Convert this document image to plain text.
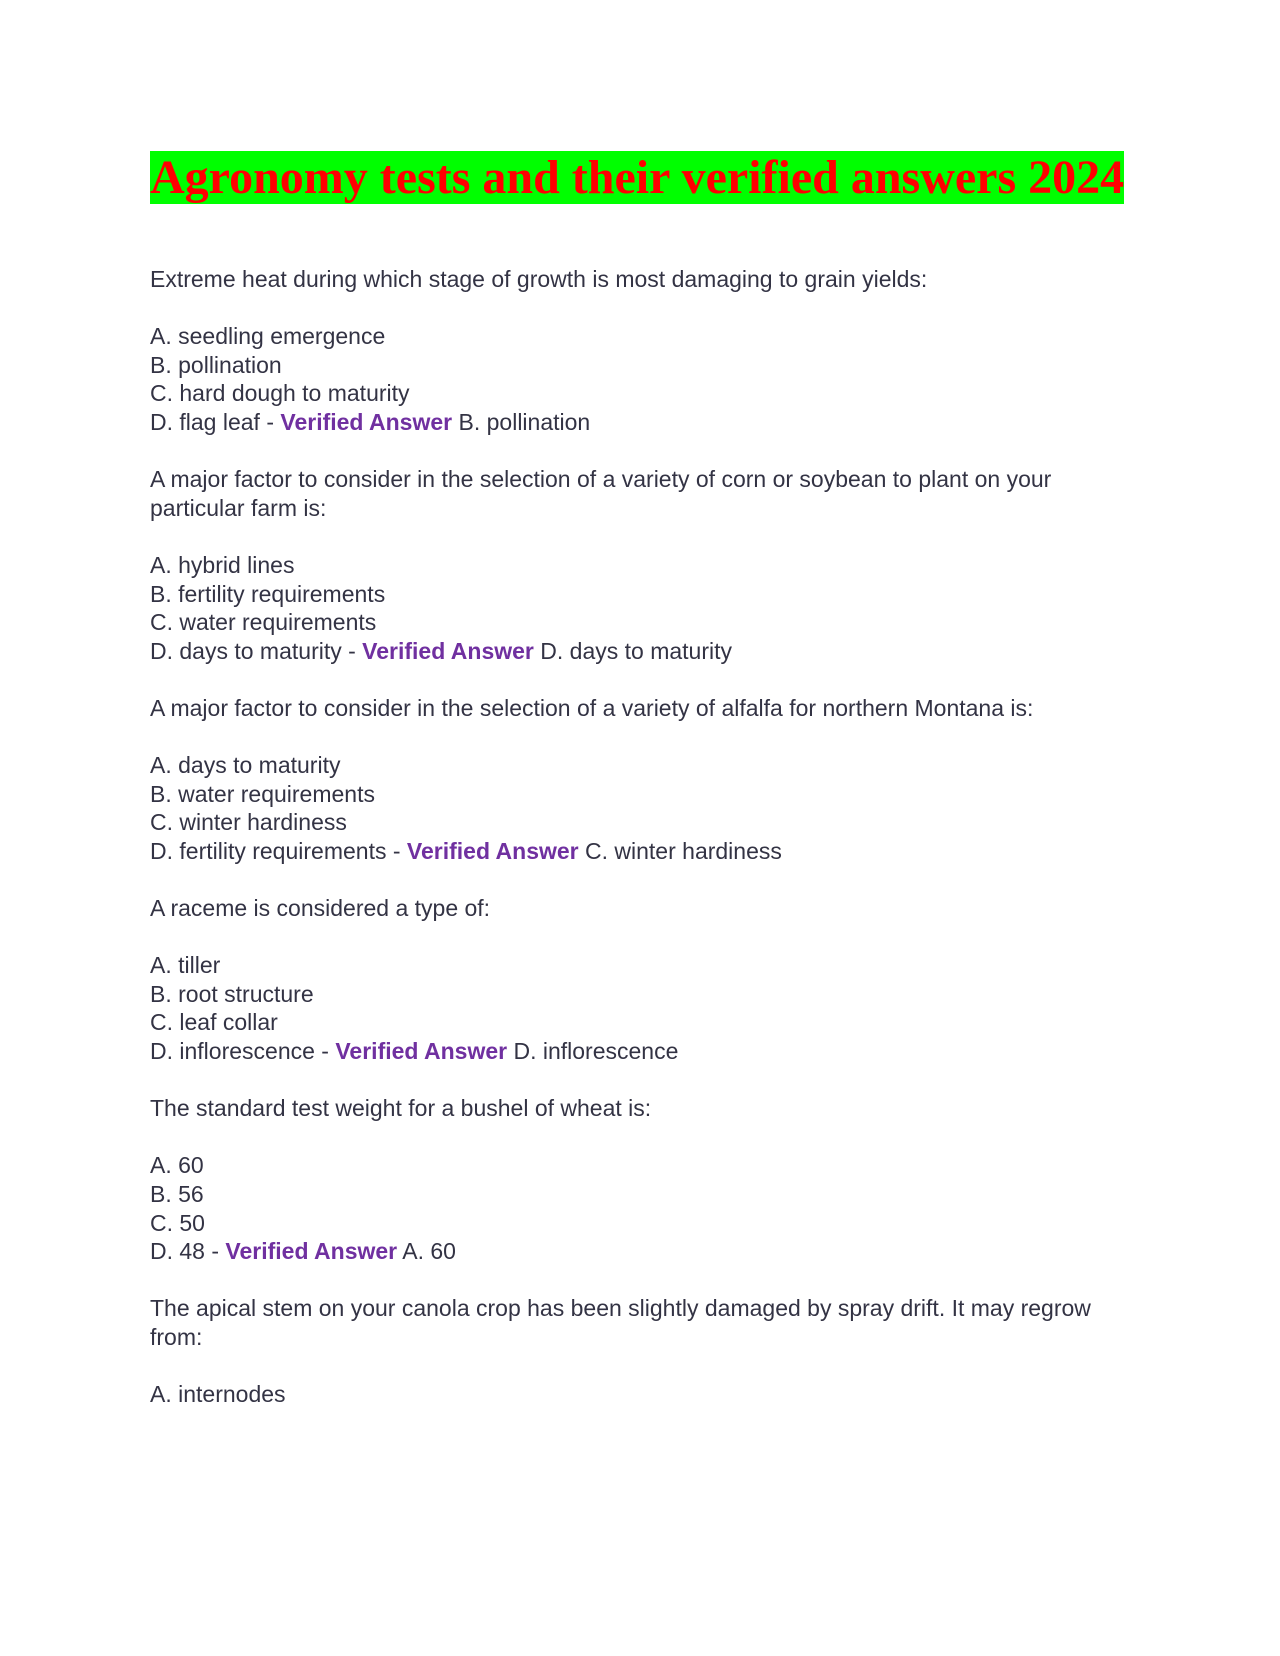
Agronomy tests and their verified answers 2024

Extreme heat during which stage of growth is most damaging to grain yields:

A. seedling emergence

B. pollination

C. hard dough to maturity

D. flag leaf - Verified Answer B. pollination

A major factor to consider in the selection of a variety of corn or soybean to plant on your particular farm is:

A. hybrid lines

B. fertility requirements

C. water requirements

D. days to maturity - Verified Answer D. days to maturity

A major factor to consider in the selection of a variety of alfalfa for northern Montana is:

A. days to maturity

B. water requirements

C. winter hardiness

D. fertility requirements - Verified Answer C. winter hardiness

A raceme is considered a type of:

A. tiller

B. root structure

C. leaf collar

D. inflorescence - Verified Answer D. inflorescence

The standard test weight for a bushel of wheat is:

A. 60

B. 56

C. 50

D. 48 - Verified Answer A. 60

The apical stem on your canola crop has been slightly damaged by spray drift. It may regrow from:

A. internodes
